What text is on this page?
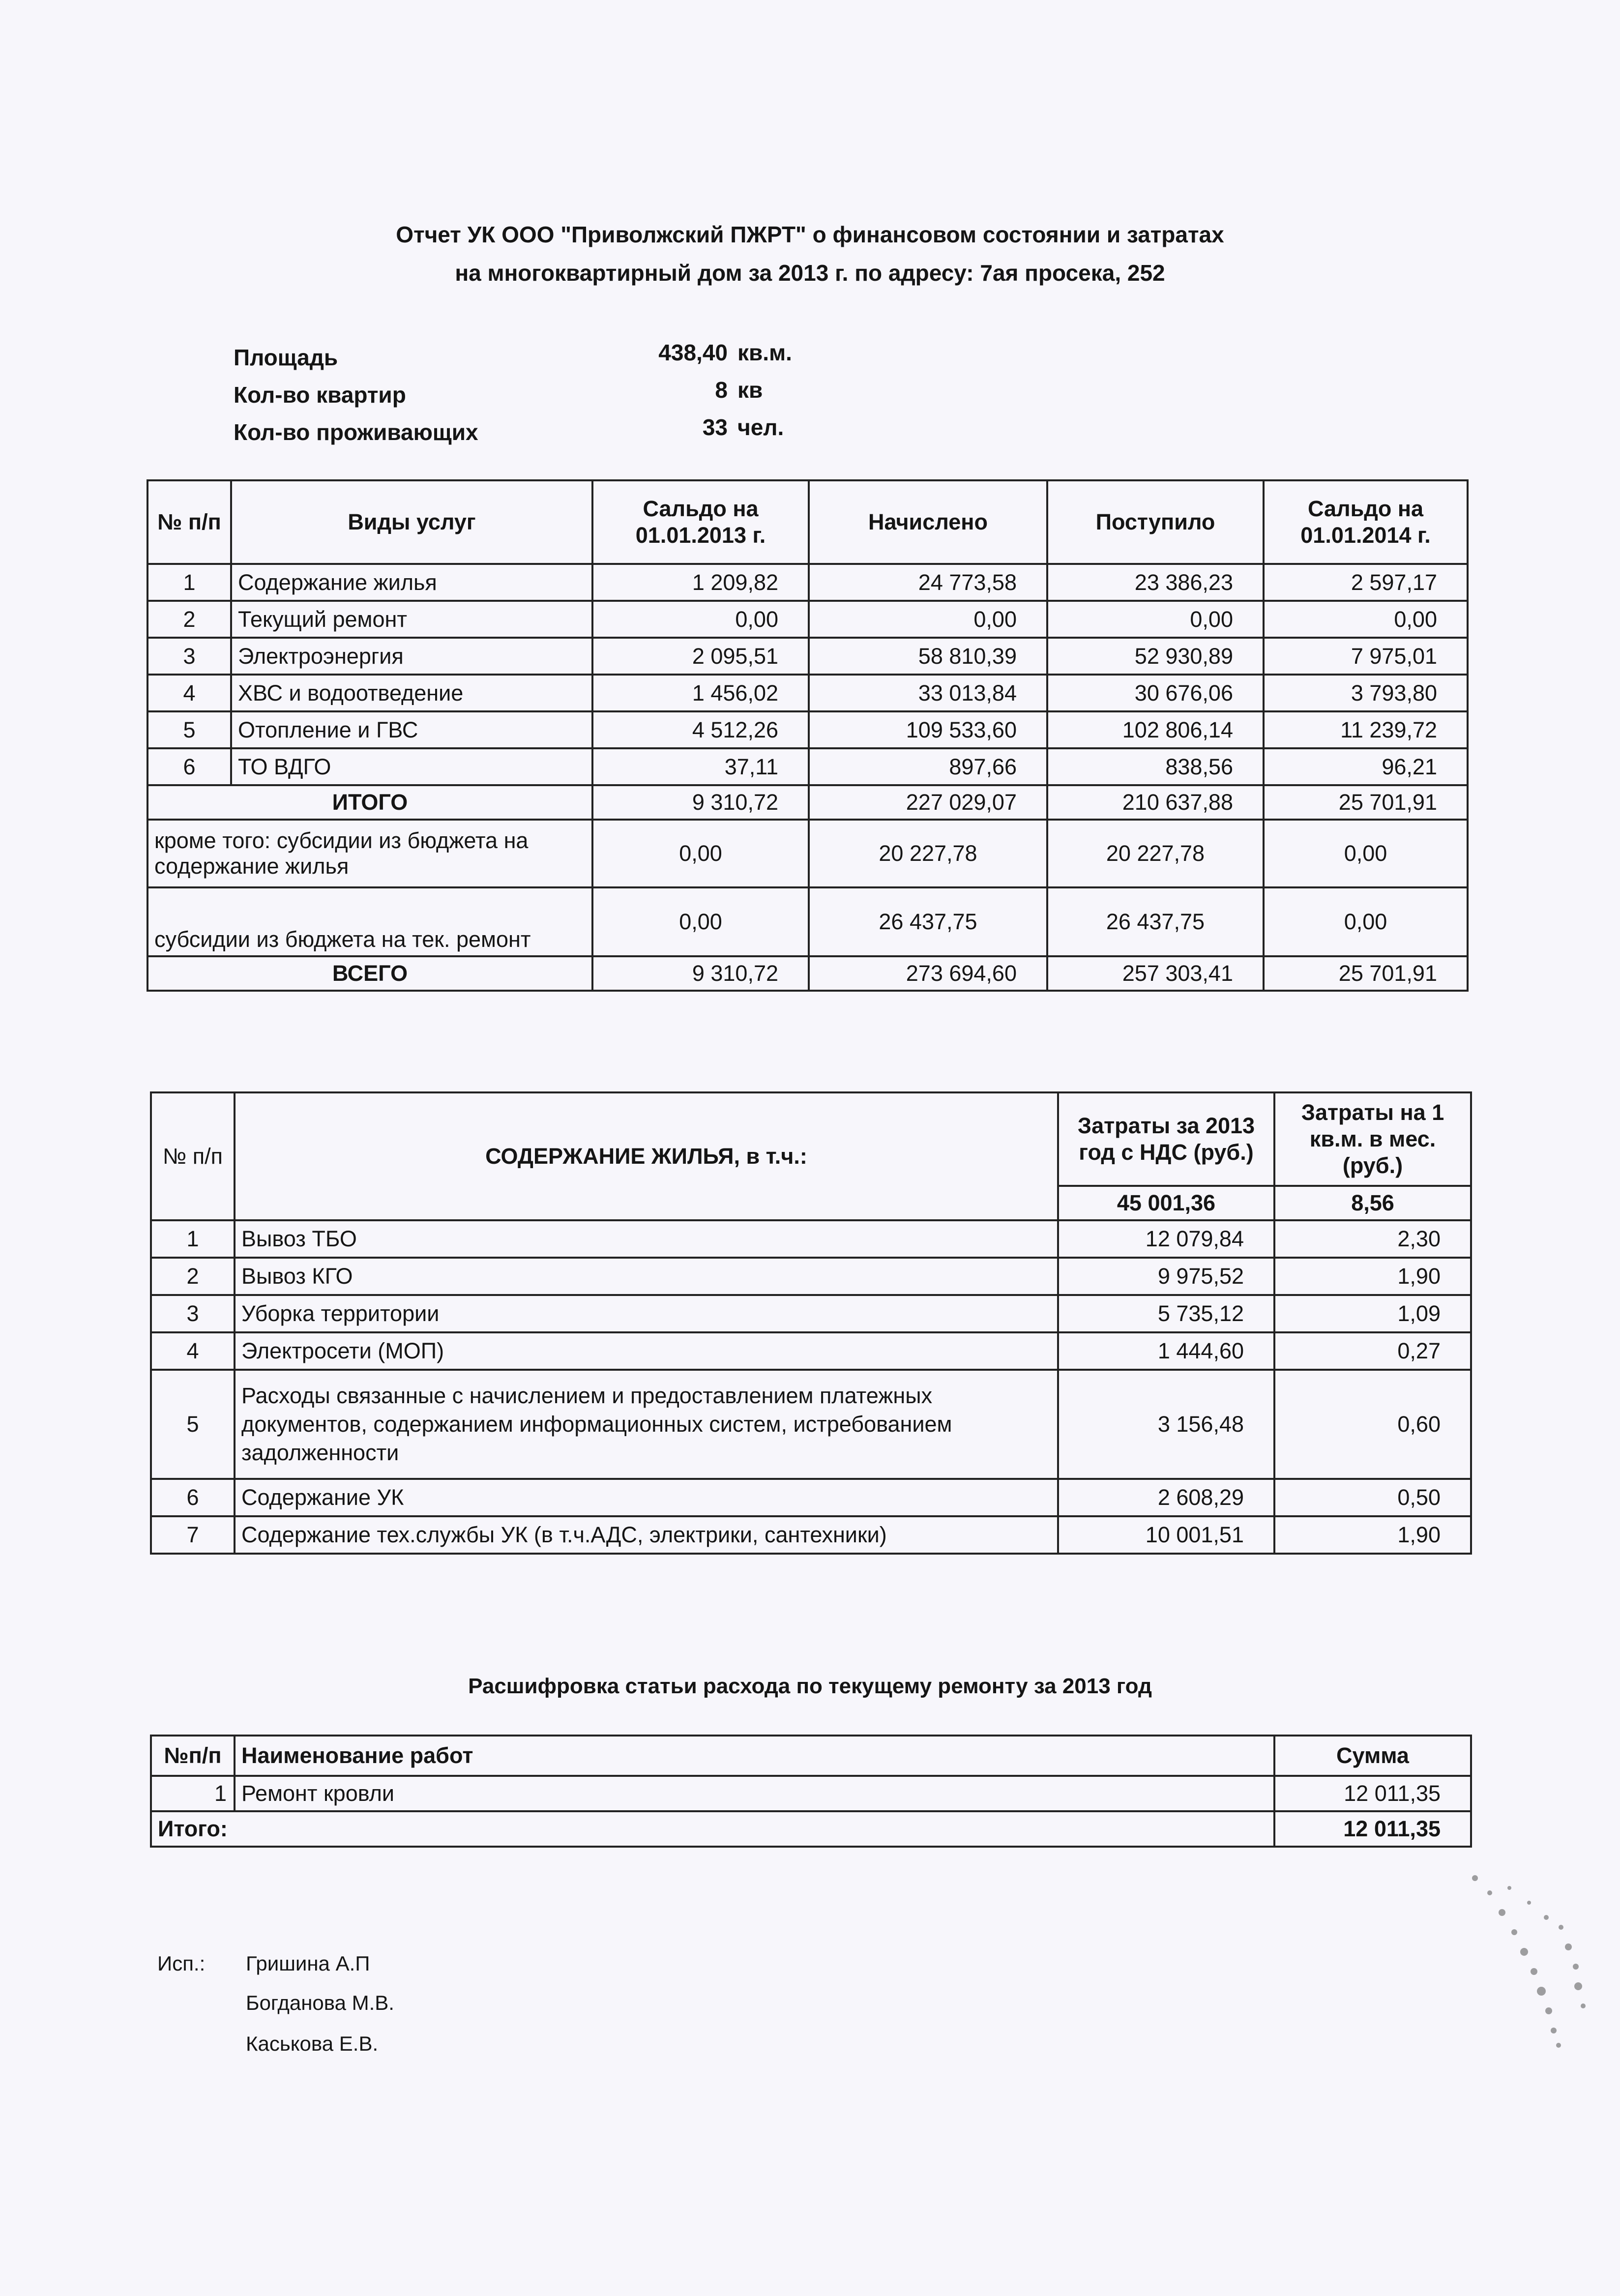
Отчет УК ООО "Приволжский ПЖРТ" о финансовом состоянии и затратах
на многоквартирный дом за 2013 г. по адресу: 7ая просека, 252
Площадь	438,40 кв.м.
Кол-во квартир	8 кв
Кол-во проживающих	33 чел.
№ п/п	Виды услуг	Сальдо на 01.01.2013 г.	Начислено	Поступило	Сальдо на 01.01.2014 г.
1	Содержание жилья	1 209,82	24 773,58	23 386,23	2 597,17
2	Текущий ремонт	0,00	0,00	0,00	0,00
3	Электроэнергия	2 095,51	58 810,39	52 930,89	7 975,01
4	ХВС и водоотведение	1 456,02	33 013,84	30 676,06	3 793,80
5	Отопление и ГВС	4 512,26	109 533,60	102 806,14	11 239,72
6	ТО ВДГО	37,11	897,66	838,56	96,21
ИТОГО		9 310,72	227 029,07	210 637,88	25 701,91
кроме того: субсидии из бюджета на содержание жилья		0,00	20 227,78	20 227,78	0,00
субсидии из бюджета на тек. ремонт		0,00	26 437,75	26 437,75	0,00
ВСЕГО		9 310,72	273 694,60	257 303,41	25 701,91
№ п/п	СОДЕРЖАНИЕ ЖИЛЬЯ, в т.ч.:	Затраты за 2013 год с НДС (руб.)	Затраты на 1 кв.м. в мес. (руб.)
		45 001,36	8,56
1	Вывоз ТБО	12 079,84	2,30
2	Вывоз КГО	9 975,52	1,90
3	Уборка территории	5 735,12	1,09
4	Электросети (МОП)	1 444,60	0,27
5	Расходы связанные с начислением и предоставлением платежных документов, содержанием информационных систем, истребованием задолженности	3 156,48	0,60
6	Содержание УК	2 608,29	0,50
7	Содержание тех.службы УК (в т.ч.АДС, электрики, сантехники)	10 001,51	1,90
Расшифровка статьи расхода по текущему ремонту за 2013 год
№п/п	Наименование работ	Сумма
1	Ремонт кровли	12 011,35
Итого:		12 011,35
Исп.: Гришина А.П
Богданова М.В.
Каськова Е.В.
